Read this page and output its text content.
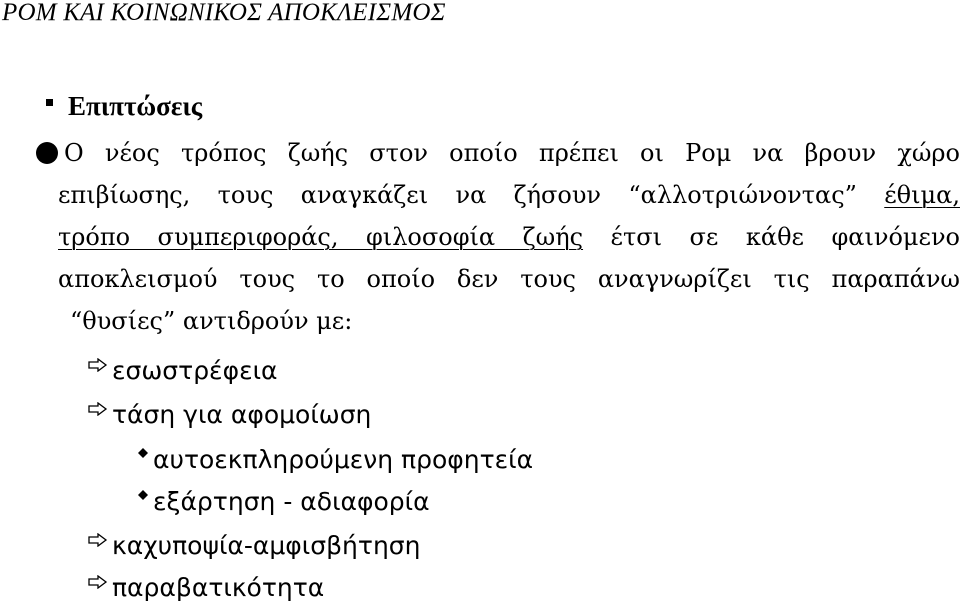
ΡΟΜ ΚΑΙ ΚΟΙΝΩΝΙΚΟΣ ΑΠΟΚΛΕΙΣΜΟΣ
Επιπτώσεις
Ο νέος τρόπος ζωής στον οποίο πρέπει οι Ρομ να βρουν χώρο
επιβίωσης, τους αναγκάζει να ζήσουν “αλλοτριώνοντας” έθιμα,
τρόπο συμπεριφοράς, φιλοσοφία ζωής έτσι σε κάθε φαινόμενο
αποκλεισμού τους το οποίο δεν τους αναγνωρίζει τις παραπάνω
“θυσίες” αντιδρούν με:
εσωστρέφεια
τάση για αφομοίωση
αυτοεκπληρούμενη προφητεία
εξάρτηση - αδιαφορία
καχυποψία-αμφισβήτηση
παραβατικότητα
